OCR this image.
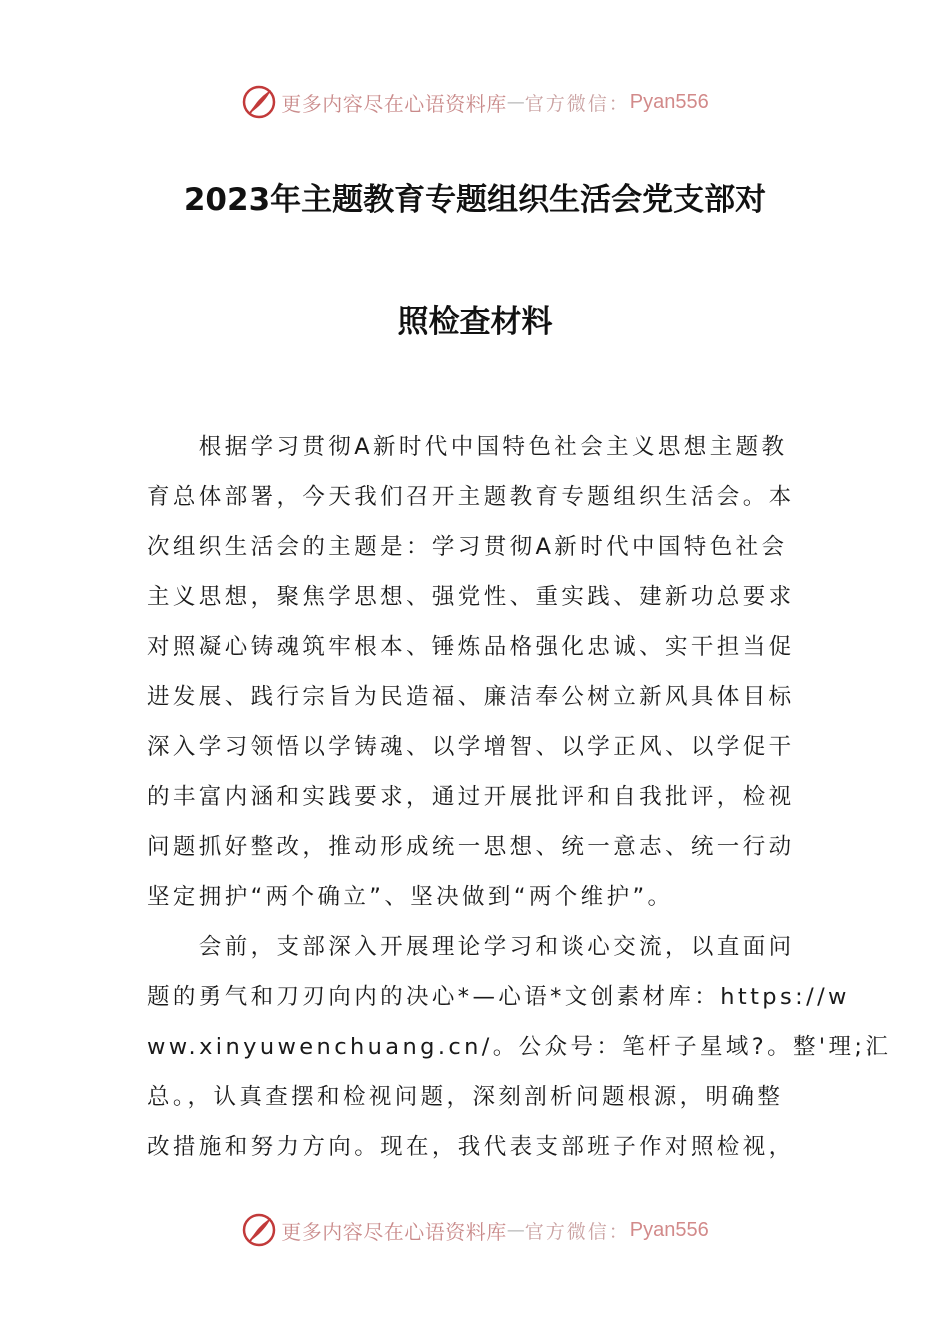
更多内容尽在心语资料库 — 官方微信： Pyan556
2023年主题教育专题组织生活会党支部对
照检查材料
　　根据学习贯彻A新时代中国特色社会主义思想主题教
育总体部署，今天我们召开主题教育专题组织生活会。本
次组织生活会的主题是：学习贯彻A新时代中国特色社会
主义思想，聚焦学思想、强党性、重实践、建新功总要求
对照凝心铸魂筑牢根本、锤炼品格强化忠诚、实干担当促
进发展、践行宗旨为民造福、廉洁奉公树立新风具体目标
深入学习领悟以学铸魂、以学增智、以学正风、以学促干
的丰富内涵和实践要求，通过开展批评和自我批评，检视
问题抓好整改，推动形成统一思想、统一意志、统一行动
坚定拥护“两个确立”、坚决做到“两个维护”。
　　会前，支部深入开展理论学习和谈心交流，以直面问
题的勇气和刀刃向内的决心*—心语*文创素材库：https://w
ww.xinyuwenchuang.cn/。公众号：笔杆子星域?。整'理;汇
总。，认真查摆和检视问题，深刻剖析问题根源，明确整
改措施和努力方向。现在，我代表支部班子作对照检视，
更多内容尽在心语资料库 — 官方微信： Pyan556
